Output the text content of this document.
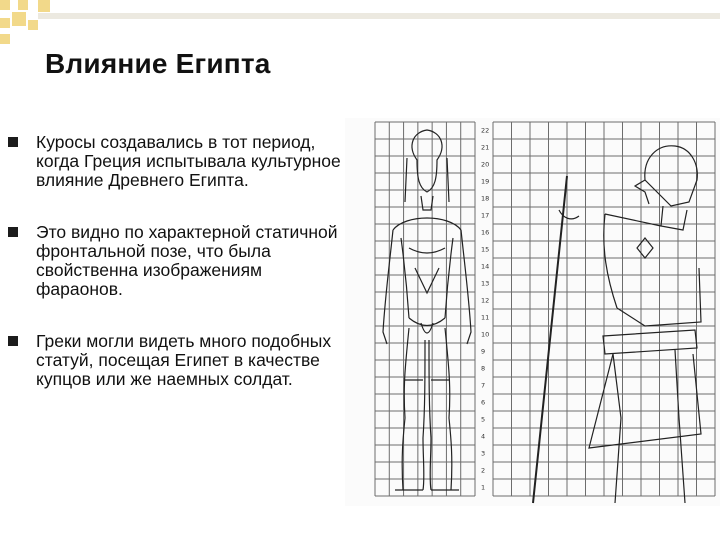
Влияние Египта
Куросы создавались в тот период, когда Греция испытывала культурное влияние Древнего Египта.
Это видно по характерной статичной фронтальной позе, что была свойственна изображениям фараонов.
Греки могли видеть много подобных статуй, посещая Египет в качестве купцов или же наемных солдат.
22
21
20
19
18
17
16
15
14
13
12
11
10
9
8
7
6
5
4
3
2
1
